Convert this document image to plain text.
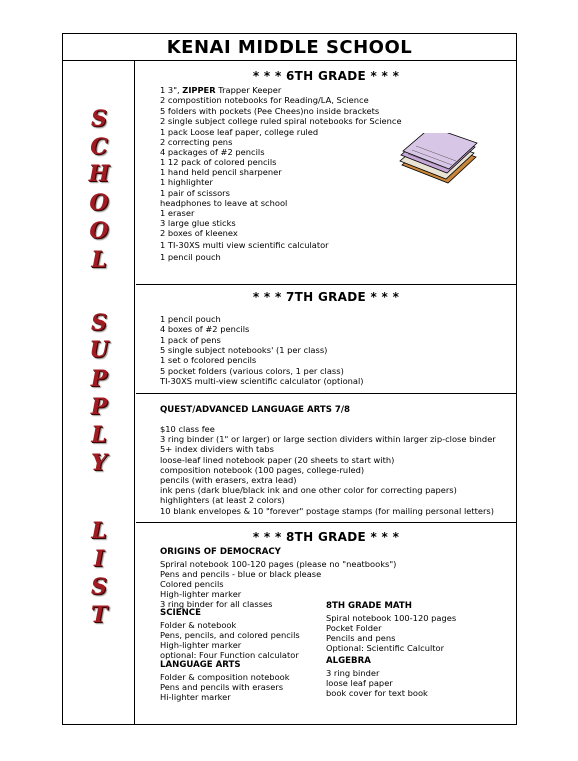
KENAI MIDDLE SCHOOL
S
C
H
O
O
L
S
U
P
P
L
Y
L
I
S
T
* * * 6TH GRADE * * *
1 3", ZIPPER Trapper Keeper
2 compostition notebooks for Reading/LA, Science
5 folders with pockets (Pee Chees)no inside brackets
2 single subject college ruled spiral notebooks for Science
1 pack Loose leaf paper, college ruled
2 correcting pens
4 packages of #2 pencils
1 12 pack of colored pencils
1 hand held pencil sharpener
1 highlighter
1 pair of scissors
headphones to leave at school
1 eraser
3 large glue sticks
2 boxes of kleenex
1 TI-30XS multi view scientific calculator
1 pencil pouch
* * * 7TH GRADE * * *
1 pencil pouch
4 boxes of #2 pencils
1 pack of pens
5 single subject notebooks' (1 per class)
1 set o fcolored pencils
5 pocket folders (various colors, 1 per class)
TI-30XS multi-view scientific calculator (optional)
QUEST/ADVANCED LANGUAGE ARTS 7/8
$10 class fee
3 ring binder (1" or larger) or large section dividers within larger zip-close binder
5+ index dividers with tabs
loose-leaf lined notebook paper (20 sheets to start with)
composition notebook (100 pages, college-ruled)
pencils (with erasers, extra lead)
ink pens (dark blue/black ink and one other color for correcting papers)
highlighters (at least 2 colors)
10 blank envelopes & 10 "forever" postage stamps (for mailing personal letters)
* * * 8TH GRADE * * *
ORIGINS OF DEMOCRACY
Spriral notebook 100-120 pages (please no "neatbooks")
Pens and pencils - blue or black please
Colored pencils
High-lighter marker
3 ring binder for all classes
SCIENCE
Folder & notebook
Pens, pencils, and colored pencils
High-lighter marker
optional: Four Function calculator
LANGUAGE ARTS
Folder & composition notebook
Pens and pencils with erasers
Hi-lighter marker
8TH GRADE MATH
Spiral notebook 100-120 pages
Pocket Folder
Pencils and pens
Optional: Scientific Calcultor
ALGEBRA
3 ring binder
loose leaf paper
book cover for text book
